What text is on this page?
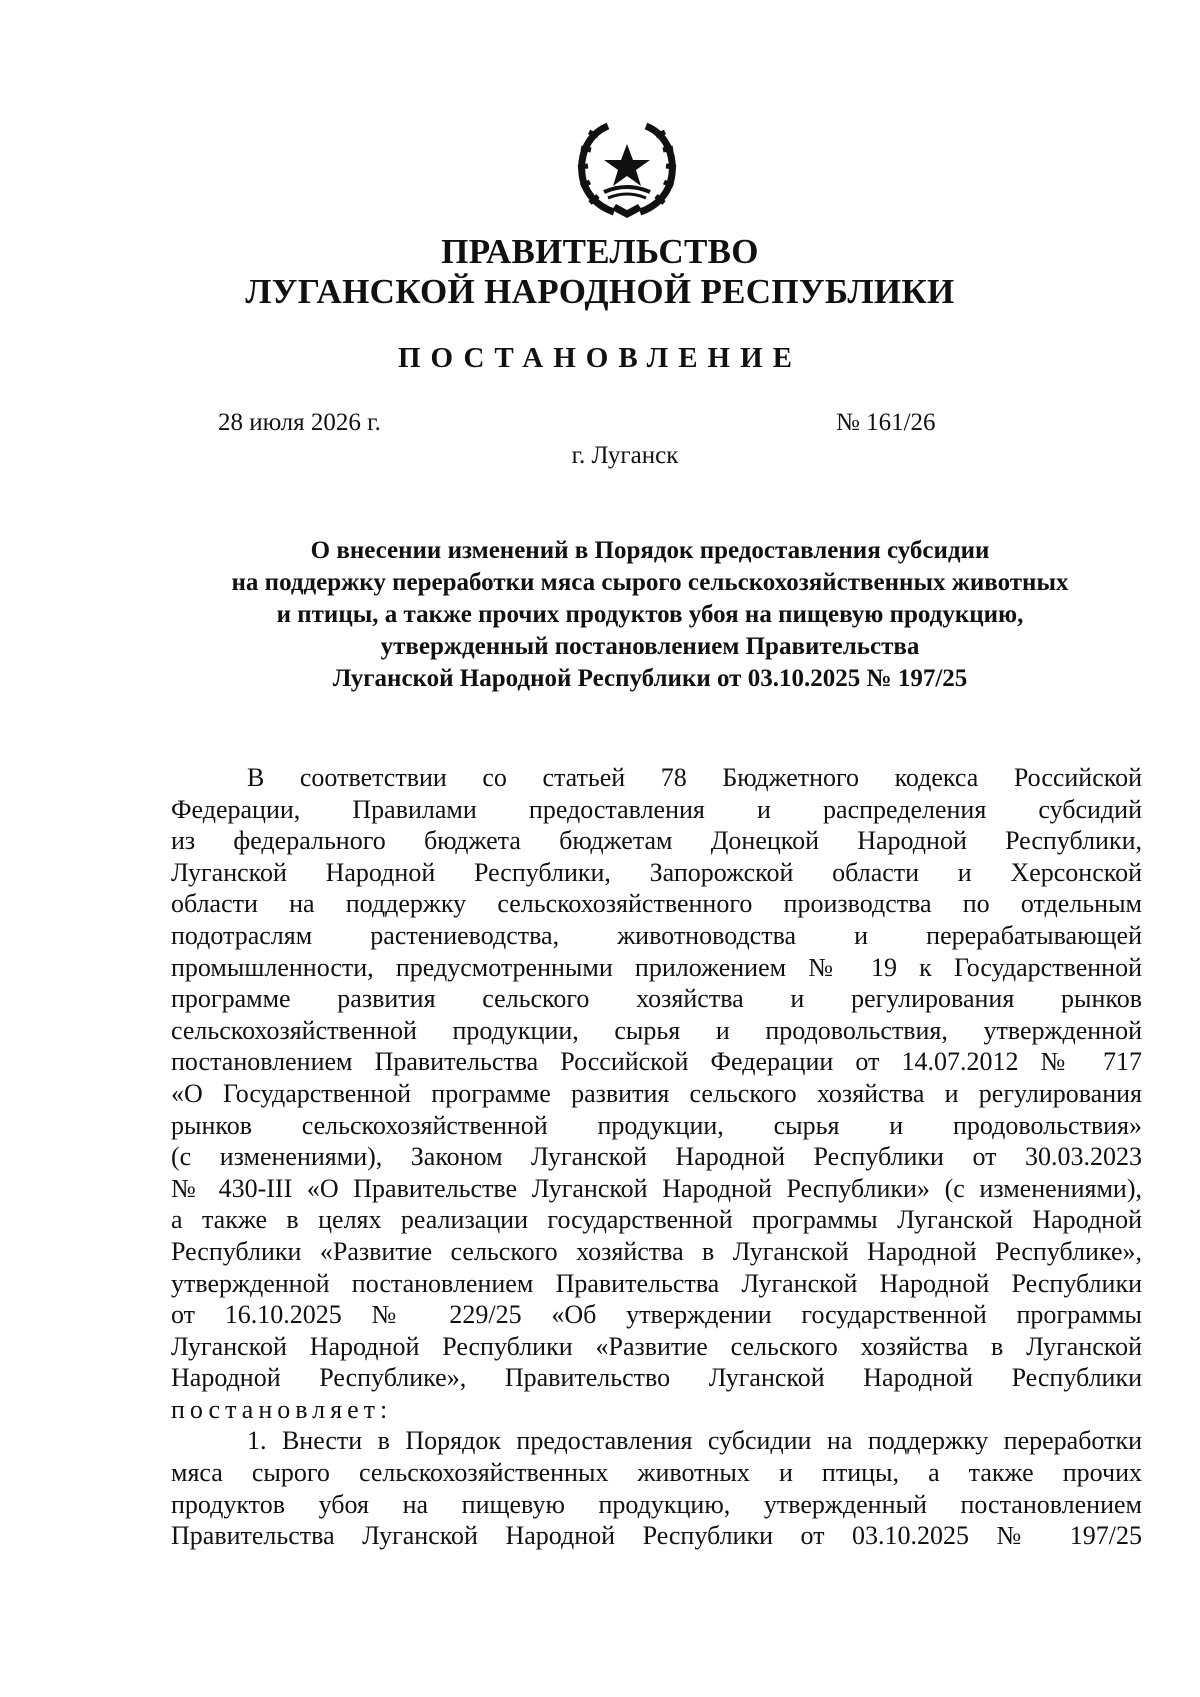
ПРАВИТЕЛЬСТВО
ЛУГАНСКОЙ НАРОДНОЙ РЕСПУБЛИКИ
ПОСТАНОВЛЕНИЕ
28 июля 2026 г.	№ 161/26
г. Луганск
О внесении изменений в Порядок предоставления субсидии
на поддержку переработки мяса сырого сельскохозяйственных животных
и птицы, а также прочих продуктов убоя на пищевую продукцию,
утвержденный постановлением Правительства
Луганской Народной Республики от 03.10.2025 № 197/25
В соответствии со статьей 78 Бюджетного кодекса Российской
Федерации, Правилами предоставления и распределения субсидий
из федерального бюджета бюджетам Донецкой Народной Республики,
Луганской Народной Республики, Запорожской области и Херсонской
области на поддержку сельскохозяйственного производства по отдельным
подотраслям растениеводства, животноводства и перерабатывающей
промышленности, предусмотренными приложением № 19 к Государственной
программе развития сельского хозяйства и регулирования рынков
сельскохозяйственной продукции, сырья и продовольствия, утвержденной
постановлением Правительства Российской Федерации от 14.07.2012 № 717
«О Государственной программе развития сельского хозяйства и регулирования
рынков сельскохозяйственной продукции, сырья и продовольствия»
(с изменениями), Законом Луганской Народной Республики от 30.03.2023
№ 430-III «О Правительстве Луганской Народной Республики» (с изменениями),
а также в целях реализации государственной программы Луганской Народной
Республики «Развитие сельского хозяйства в Луганской Народной Республике»,
утвержденной постановлением Правительства Луганской Народной Республики
от 16.10.2025 № 229/25 «Об утверждении государственной программы
Луганской Народной Республики «Развитие сельского хозяйства в Луганской
Народной Республике», Правительство Луганской Народной Республики
постановляет:
1. Внести в Порядок предоставления субсидии на поддержку переработки
мяса сырого сельскохозяйственных животных и птицы, а также прочих
продуктов убоя на пищевую продукцию, утвержденный постановлением
Правительства Луганской Народной Республики от 03.10.2025 № 197/25
